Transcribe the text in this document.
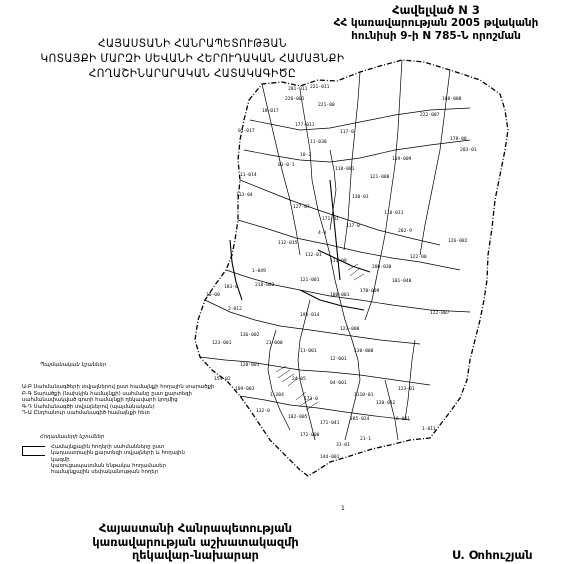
201-011 221-011
220-001
221-00
18-017
01-017
177-011
11-030
117-0
222-007
168-008
178-00
203-01
01-0-1
10-2
118-001
119-009
11-014
113-04
121-080
130-01
127-07
171-01
117-0
4-0
110-011
202-9
126-082
112-015
112-01
111-09
1-049
200-030
122-00
101-040
183-0
10-00
218-002
121-001
100-001
170-009
2-012
122-007
195-014
123-000
136-002
123-001	23-000
11-001
12-001
130-000
120-001
154-02
109-003
24-05
04-001
1-204
173-0
1110-01
120-012
123-01
132-0
182-005
171-041
185-024	6-001
1-011
172-000
31-01
21-1
144-001
Հավելված N 3
ՀՀ կառավարության 2005 թվականի
հունիսի 9-ի N 785-Ն որոշման
ՀԱՅԱՍՏԱՆԻ ՀԱՆՐԱՊԵՏՈՒԹՅԱՆ
ԿՈՏԱՅՔԻ ՄԱՐԶԻ ՍԵՎԱՆԻ ՀԵՐՈՒԴԱԿԱՆ ՀԱՄԱՅՆՔԻ
ՀՈՂԱՇԻՆԱՐԱՐԱԿԱՆ ՀԱՏԱԿԱԳԻԾԸ
Պայմանական նշաններ
Ա-Բ Սահմանագծերի տվյալներով ըստ համայնքի հողային տարածքի
Բ-Գ Տարածքի (նախկին համայնքի) սահմանը ըստ քարտեզի
սահմանափակված գոտի համայնքի ղեկավարի կողմից
Գ-Դ Սահմանագծի տվյալներով (պայմանական)
Դ-Ա Ընդհանուր սահմանագիծ համայնքի հետ
Հողամասերի նշումներ
Համայնքային հողերի սահմանները ըստ կադաստրային քարտեզի տվյալների և հողային կազմի
կառուցապատման ենթակա հողամասեր
համայնքային սեփականության հողեր
1
Հայաստանի Հանրապետության
կառավարության աշխատակազմի
ղեկավար-նախարար	Ս. Օոհուշյան
